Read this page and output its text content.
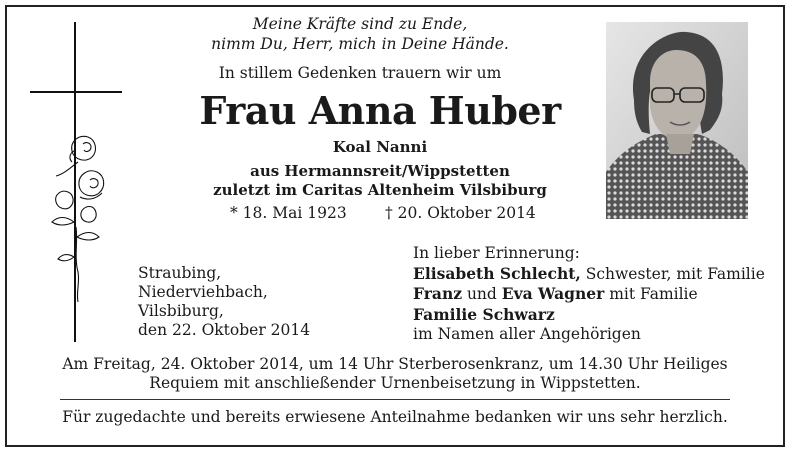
Meine Kräfte sind zu Ende,
nimm Du, Herr, mich in Deine Hände.
In stillem Gedenken trauern wir um
Frau Anna Huber
Koal Nanni
aus Hermannsreit/Wippstetten
zuletzt im Caritas Altenheim Vilsbiburg
* 18. Mai 1923 † 20. Oktober 2014
Straubing,
Niederviehbach,
Vilsbiburg,
den 22. Oktober 2014
In lieber Erinnerung:
Elisabeth Schlecht, Schwester, mit Familie
Franz und Eva Wagner mit Familie
Familie Schwarz
im Namen aller Angehörigen
Am Freitag, 24. Oktober 2014, um 14 Uhr Sterberosenkranz, um 14.30 Uhr Heiliges
Requiem mit anschließender Urnenbeisetzung in Wippstetten.
Für zugedachte und bereits erwiesene Anteilnahme bedanken wir uns sehr herzlich.
